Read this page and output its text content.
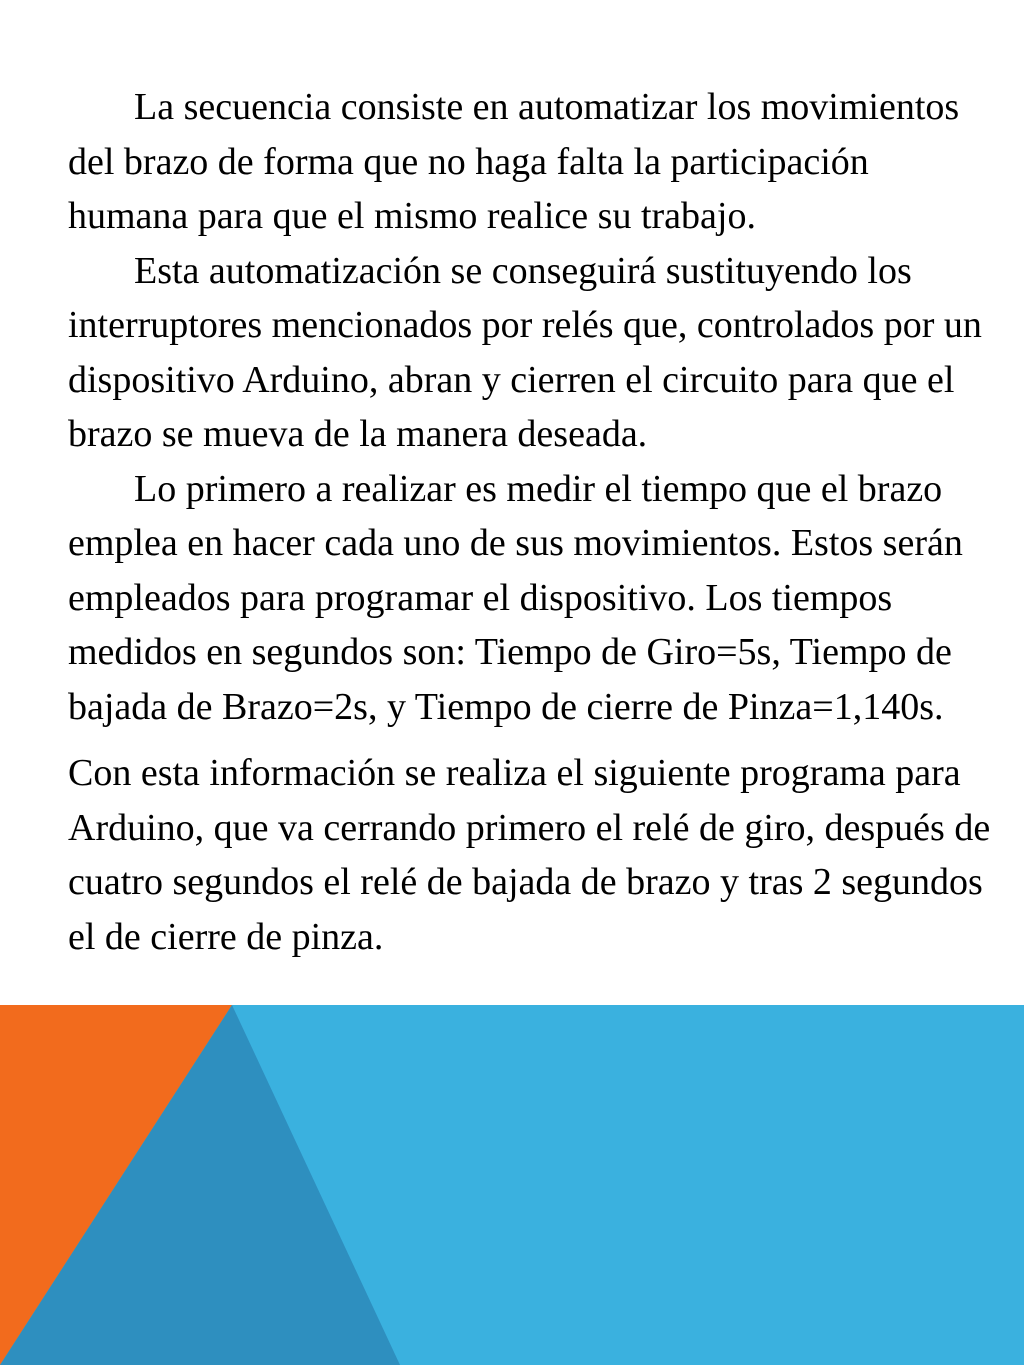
La secuencia consiste en automatizar los movimientos del brazo de forma que no haga falta la participación humana para que el mismo realice su trabajo.

Esta automatización se conseguirá sustituyendo los interruptores mencionados por relés que, controlados por un dispositivo Arduino, abran y cierren el circuito para que el brazo se mueva de la manera deseada.

Lo primero a realizar es medir el tiempo que el brazo emplea en hacer cada uno de sus movimientos. Estos serán empleados para programar el dispositivo. Los tiempos medidos en segundos son: Tiempo de Giro=5s, Tiempo de bajada de Brazo=2s, y Tiempo de cierre de Pinza=1,140s.

Con esta información se realiza el siguiente programa para Arduino, que va cerrando primero el relé de giro, después de cuatro segundos el relé de bajada de brazo y tras 2 segundos el de cierre de pinza.
